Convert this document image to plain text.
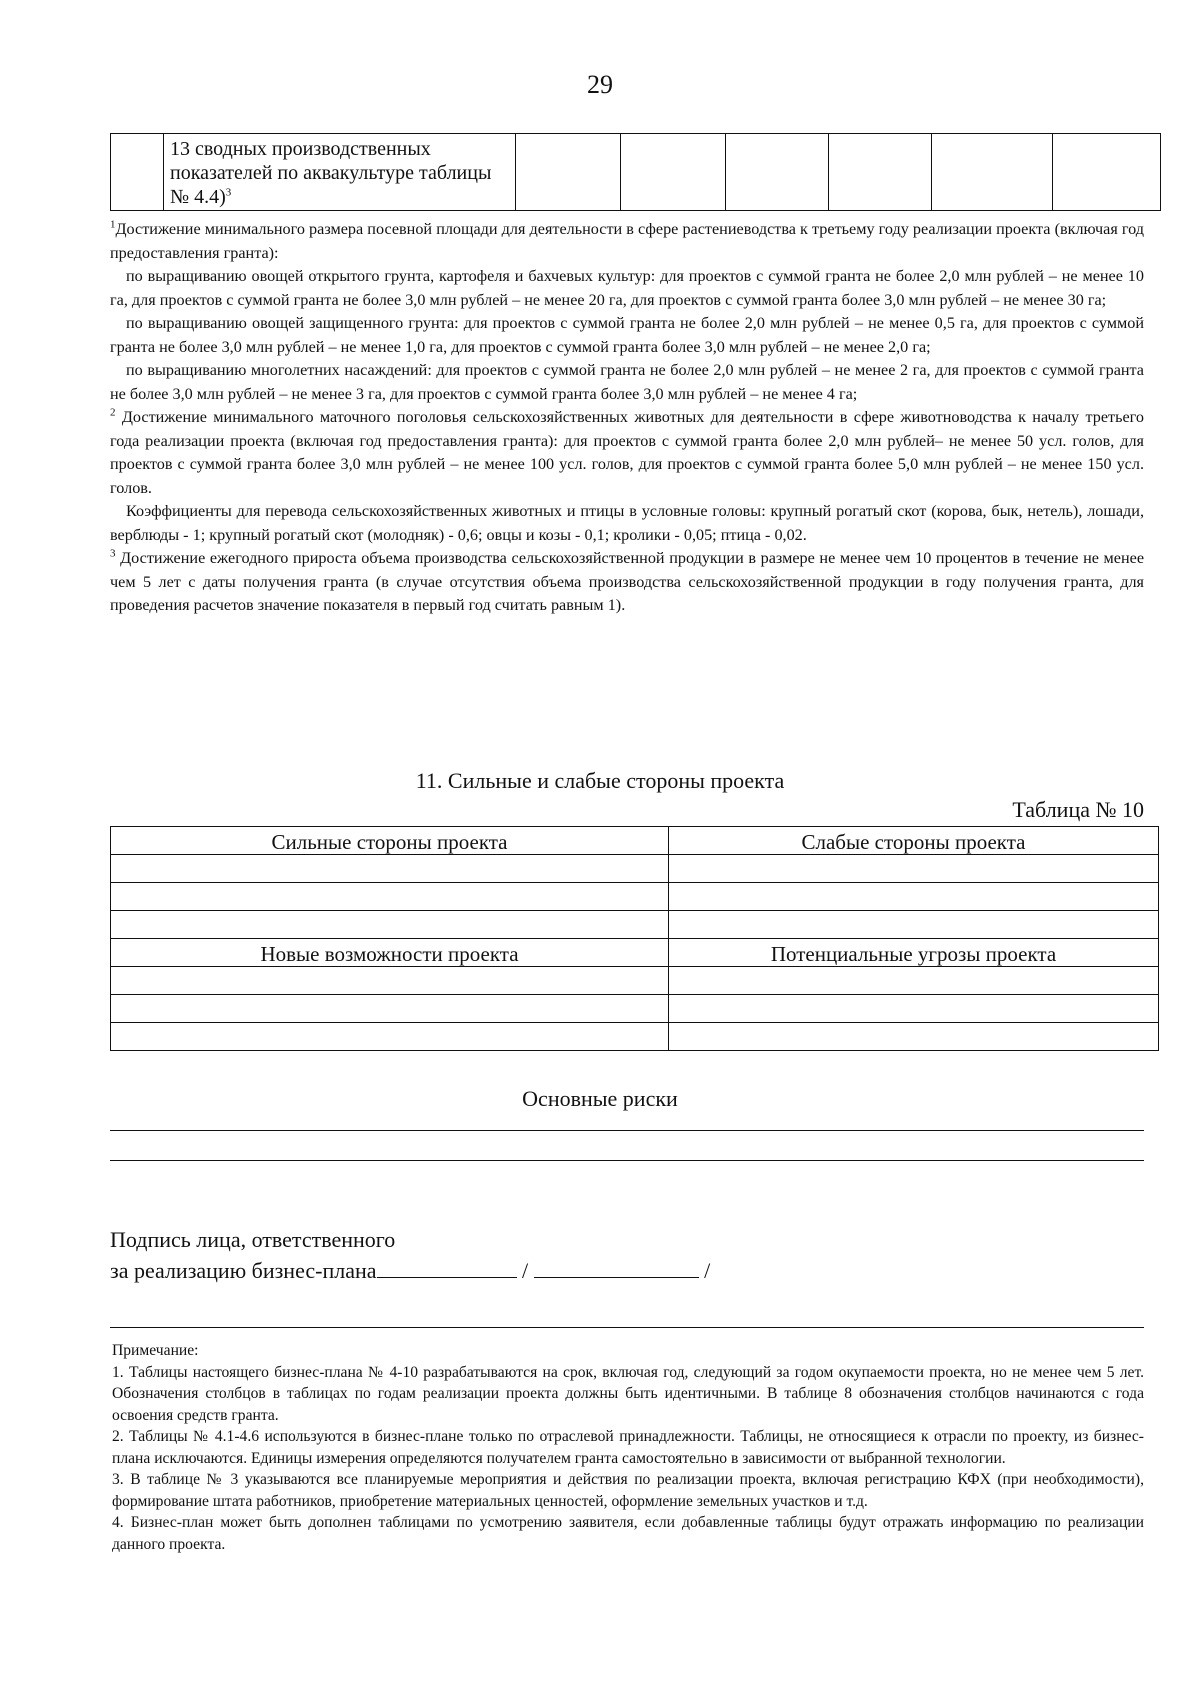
29
	13 сводных производственных показателей по аквакультуре таблицы № 4.4)$^3$						

$^1$Достижение минимального размера посевной площади для деятельности в сфере растениеводства к третьему году реализации проекта (включая год предоставления гранта):

по выращиванию овощей открытого грунта, картофеля и бахчевых культур: для проектов с суммой гранта не более 2,0 млн рублей – не менее 10 га, для проектов с суммой гранта не более 3,0 млн рублей – не менее 20 га, для проектов с суммой гранта более 3,0 млн рублей – не менее 30 га;

по выращиванию овощей защищенного грунта: для проектов с суммой гранта не более 2,0 млн рублей – не менее 0,5 га, для проектов с суммой гранта не более 3,0 млн рублей – не менее 1,0 га, для проектов с суммой гранта более 3,0 млн рублей – не менее 2,0 га;

по выращиванию многолетних насаждений: для проектов с суммой гранта не более 2,0 млн рублей – не менее 2 га, для проектов с суммой гранта не более 3,0 млн рублей – не менее 3 га, для проектов с суммой гранта более 3,0 млн рублей – не менее 4 га;

$^2$ Достижение минимального маточного поголовья сельскохозяйственных животных для деятельности в сфере животноводства к началу третьего года реализации проекта (включая год предоставления гранта): для проектов с суммой гранта более 2,0 млн рублей– не менее 50 усл. голов, для проектов с суммой гранта более 3,0 млн рублей – не менее 100 усл. голов, для проектов с суммой гранта более 5,0 млн рублей – не менее 150 усл. голов.

Коэффициенты для перевода сельскохозяйственных животных и птицы в условные головы: крупный рогатый скот (корова, бык, нетель), лошади, верблюды - 1; крупный рогатый скот (молодняк) - 0,6; овцы и козы - 0,1; кролики - 0,05; птица - 0,02.

$^3$ Достижение ежегодного прироста объема производства сельскохозяйственной продукции в размере не менее чем 10 процентов в течение не менее чем 5 лет с даты получения гранта (в случае отсутствия объема производства сельскохозяйственной продукции в году получения гранта, для проведения расчетов значение показателя в первый год считать равным 1).

11. Сильные и слабые стороны проекта
Таблица № 10
Сильные стороны проекта	Слабые стороны проекта

Новые возможности проекта	Потенциальные угрозы проекта

Основные риски
Подпись лица, ответственного
за реализацию бизнес-плана	/	/

Примечание:

1. Таблицы настоящего бизнес-плана № 4-10 разрабатываются на срок, включая год, следующий за годом окупаемости проекта, но не менее чем 5 лет. Обозначения столбцов в таблицах по годам реализации проекта должны быть идентичными. В таблице 8 обозначения столбцов начинаются с года освоения средств гранта.

2. Таблицы № 4.1-4.6 используются в бизнес-плане только по отраслевой принадлежности. Таблицы, не относящиеся к отрасли по проекту, из бизнес-плана исключаются. Единицы измерения определяются получателем гранта самостоятельно в зависимости от выбранной технологии.

3. В таблице № 3 указываются все планируемые мероприятия и действия по реализации проекта, включая регистрацию КФХ (при необходимости), формирование штата работников, приобретение материальных ценностей, оформление земельных участков и т.д.

4. Бизнес-план может быть дополнен таблицами по усмотрению заявителя, если добавленные таблицы будут отражать информацию по реализации данного проекта.
